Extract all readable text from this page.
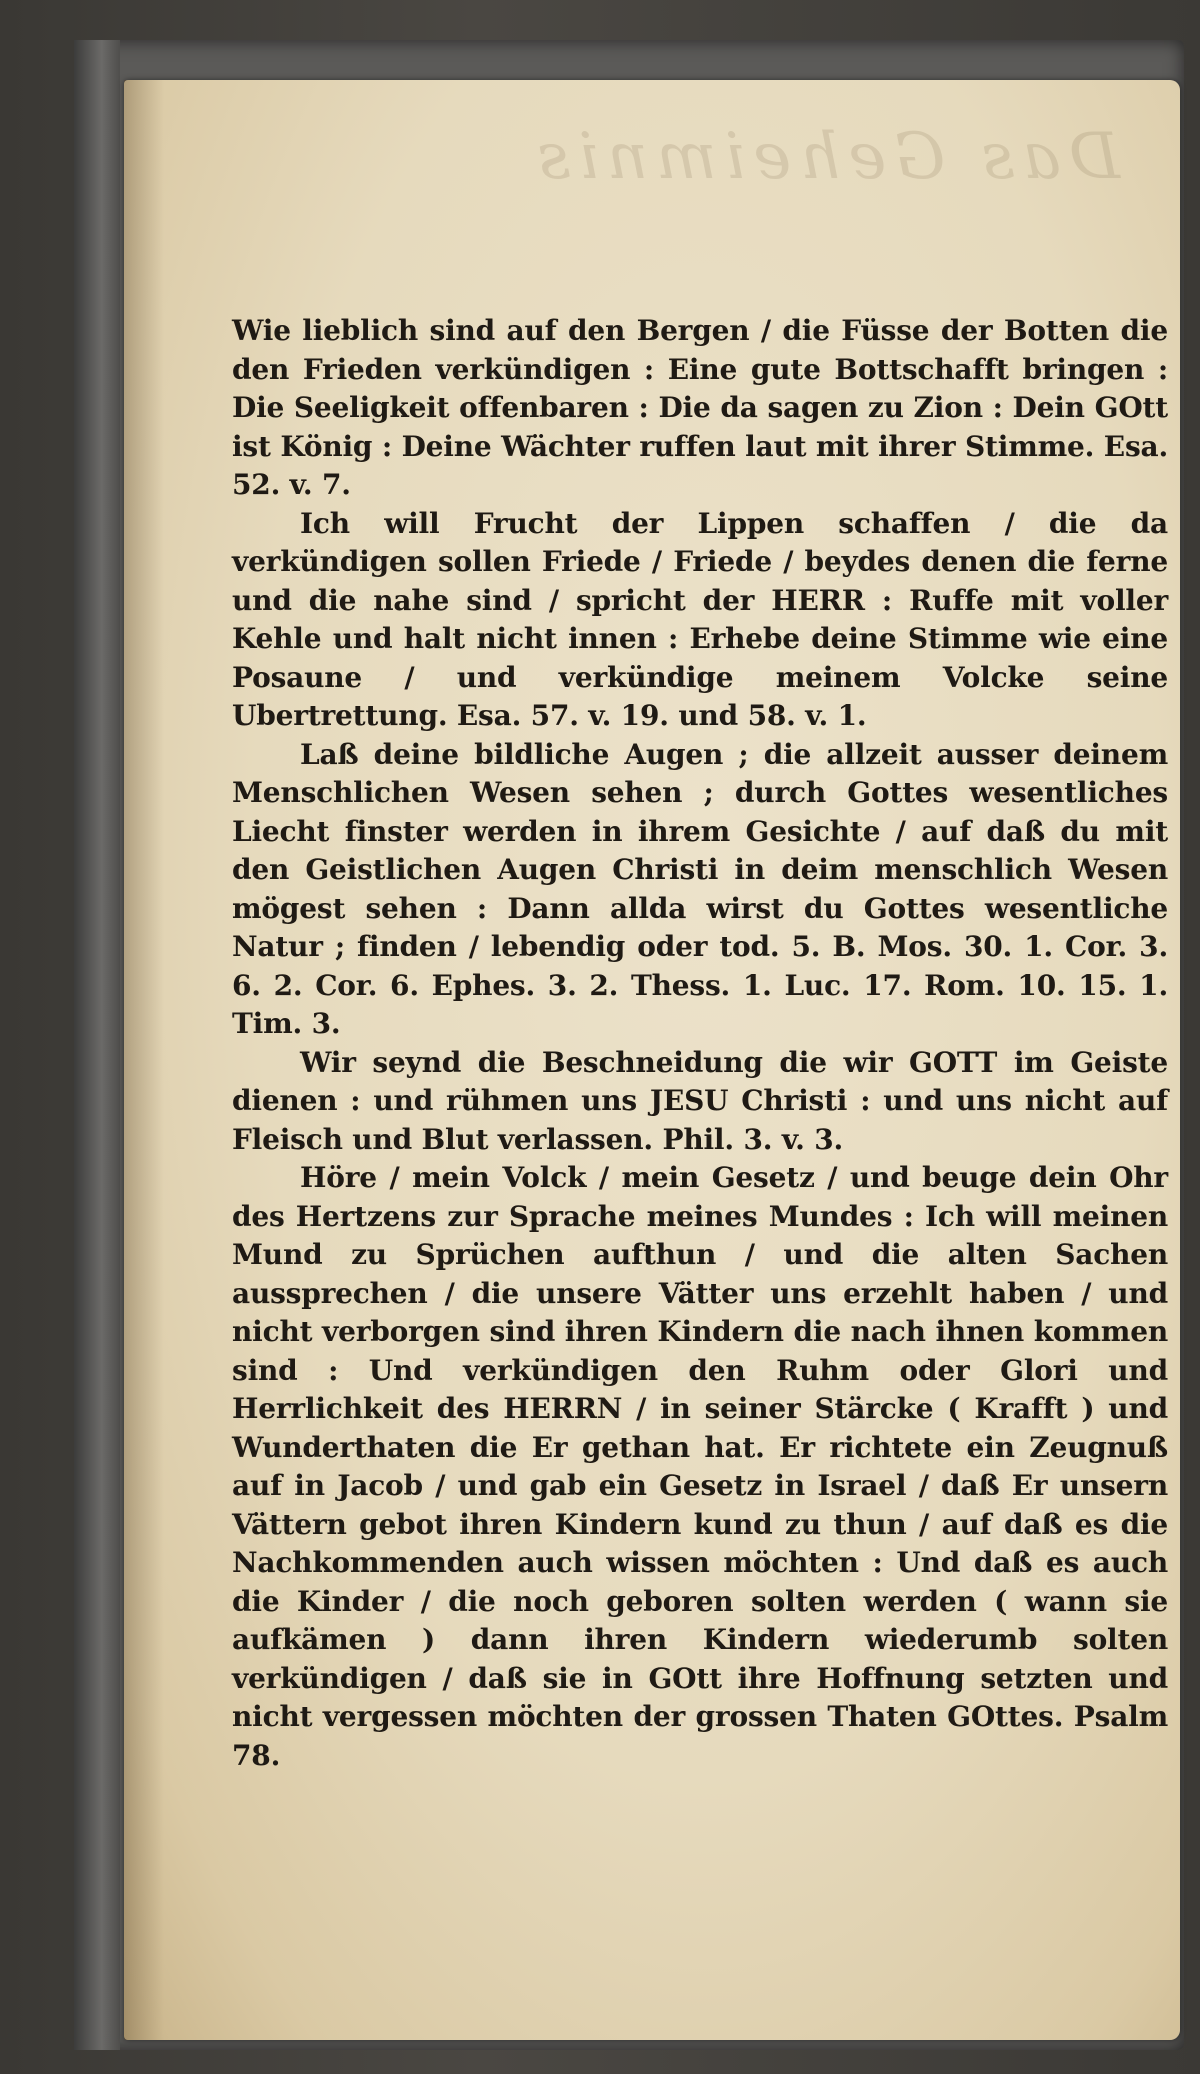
Das Geheimnis

Wie lieblich sind auf den Bergen / die Füsse der Botten die den Frieden verkündigen : Eine gute Bottschafft bringen : Die Seeligkeit offenbaren : Die da sagen zu Zion : Dein GOtt ist König : Deine Wächter ruffen laut mit ihrer Stimme. Esa. 52. v. 7.

Ich will Frucht der Lippen schaffen / die da verkündigen sollen Friede / Friede / beydes denen die ferne und die nahe sind / spricht der HERR : Ruffe mit voller Kehle und halt nicht innen : Erhebe deine Stimme wie eine Posaune / und verkündige meinem Volcke seine Ubertrettung. Esa. 57. v. 19. und 58. v. 1.

Laß deine bildliche Augen ; die allzeit ausser deinem Menschlichen Wesen sehen ; durch Gottes wesentliches Liecht finster werden in ihrem Gesichte / auf daß du mit den Geistlichen Augen Christi in deim menschlich Wesen mögest sehen : Dann allda wirst du Gottes wesentliche Natur ; finden / lebendig oder tod. 5. B. Mos. 30. 1. Cor. 3. 6. 2. Cor. 6. Ephes. 3. 2. Thess. 1. Luc. 17. Rom. 10. 15. 1. Tim. 3.

Wir seynd die Beschneidung die wir GOTT im Geiste dienen : und rühmen uns JESU Christi : und uns nicht auf Fleisch und Blut verlassen. Phil. 3. v. 3.

Höre / mein Volck / mein Gesetz / und beuge dein Ohr des Hertzens zur Sprache meines Mundes : Ich will meinen Mund zu Sprüchen aufthun / und die alten Sachen aussprechen / die unsere Vätter uns erzehlt haben / und nicht verborgen sind ihren Kindern die nach ihnen kommen sind : Und verkündigen den Ruhm oder Glori und Herrlichkeit des HERRN / in seiner Stärcke ( Krafft ) und Wunderthaten die Er gethan hat. Er richtete ein Zeugnuß auf in Jacob / und gab ein Gesetz in Israel / daß Er unsern Vättern gebot ihren Kindern kund zu thun / auf daß es die Nachkommenden auch wissen möchten : Und daß es auch die Kinder / die noch geboren solten werden ( wann sie aufkämen ) dann ihren Kindern wiederumb solten verkündigen / daß sie in GOtt ihre Hoffnung setzten und nicht vergessen möchten der grossen Thaten GOttes. Psalm 78.
